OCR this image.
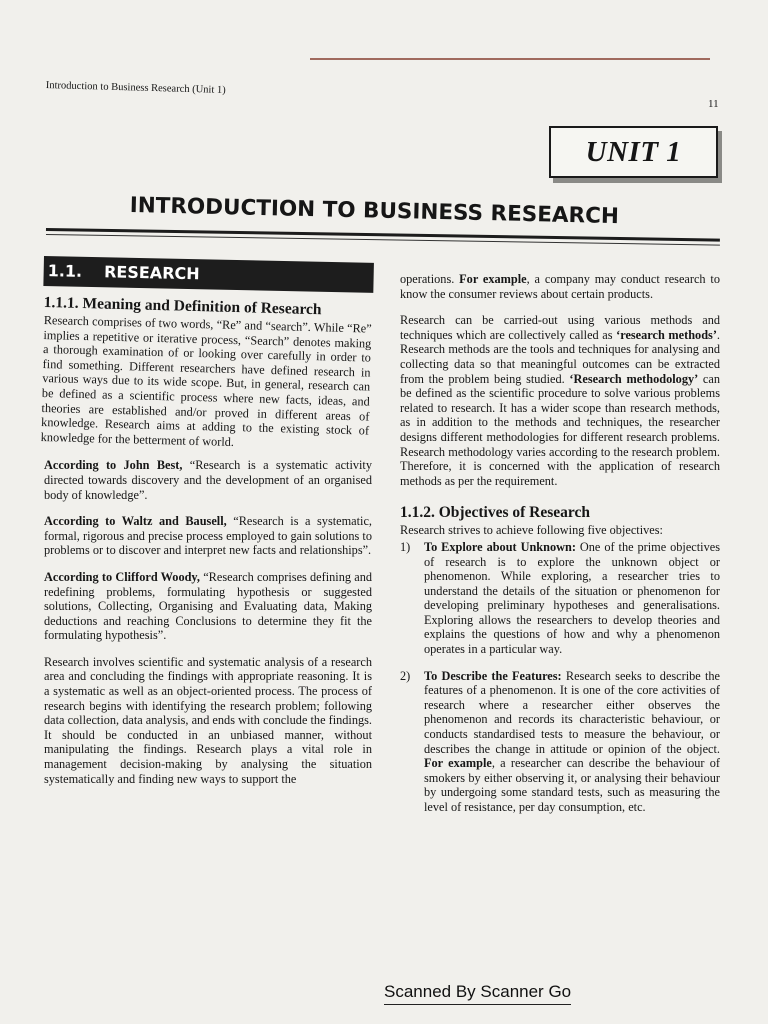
Introduction to Business Research (Unit 1)
11
UNIT 1
INTRODUCTION TO BUSINESS RESEARCH
1.1. RESEARCH
1.1.1. Meaning and Definition of Research

Research comprises of two words, “Re” and “search”. While “Re” implies a repetitive or iterative process, “Search” denotes making a thorough examination of or looking over carefully in order to find something. Different researchers have defined research in various ways due to its wide scope. But, in general, research can be defined as a scientific process where new facts, ideas, and theories are established and/or proved in different areas of knowledge. Research aims at adding to the existing stock of knowledge for the betterment of world.

According to John Best, “Research is a systematic activity directed towards discovery and the development of an organised body of knowledge”.

According to Waltz and Bausell, “Research is a systematic, formal, rigorous and precise process employed to gain solutions to problems or to discover and interpret new facts and relationships”.

According to Clifford Woody, “Research comprises defining and redefining problems, formulating hypothesis or suggested solutions, Collecting, Organising and Evaluating data, Making deductions and reaching Conclusions to determine they fit the formulating hypothesis”.

Research involves scientific and systematic analysis of a research area and concluding the findings with appropriate reasoning. It is a systematic as well as an object-oriented process. The process of research begins with identifying the research problem; following data collection, data analysis, and ends with conclude the findings. It should be conducted in an unbiased manner, without manipulating the findings. Research plays a vital role in management decision-making by analysing the situation systematically and finding new ways to support the

operations. For example, a company may conduct research to know the consumer reviews about certain products.

Research can be carried-out using various methods and techniques which are collectively called as ‘research methods’. Research methods are the tools and techniques for analysing and collecting data so that meaningful outcomes can be extracted from the problem being studied. ‘Research methodology’ can be defined as the scientific procedure to solve various problems related to research. It has a wider scope than research methods, as in addition to the methods and techniques, the researcher designs different methodologies for different research problems. Research methodology varies according to the research problem. Therefore, it is concerned with the application of research methods as per the requirement.

1.1.2. Objectives of Research
Research strives to achieve following five objectives:
1) To Explore about Unknown: One of the prime objectives of research is to explore the unknown object or phenomenon. While exploring, a researcher tries to understand the details of the situation or phenomenon for developing preliminary hypotheses and generalisations. Exploring allows the researchers to develop theories and explains the questions of how and why a phenomenon operates in a particular way.
2) To Describe the Features: Research seeks to describe the features of a phenomenon. It is one of the core activities of research where a researcher either observes the phenomenon and records its characteristic behaviour, or conducts standardised tests to measure the behaviour, or describes the change in attitude or opinion of the object. For example, a researcher can describe the behaviour of smokers by either observing it, or analysing their behaviour by undergoing some standard tests, such as measuring the level of resistance, per day consumption, etc.
Scanned By Scanner Go
